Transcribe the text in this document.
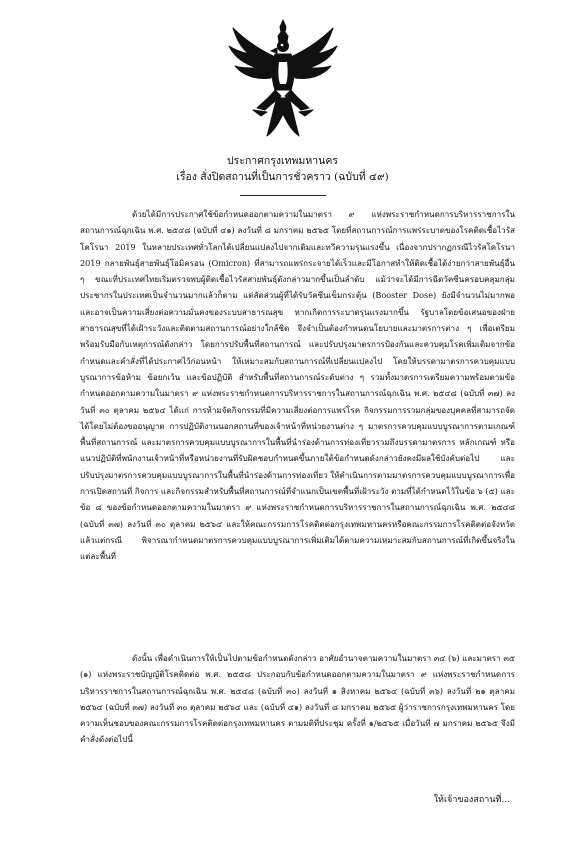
ประกาศกรุงเทพมหานคร
เรื่อง สั่งปิดสถานที่เป็นการชั่วคราว (ฉบับที่ ๔๙)
ด้วยได้มีการประกาศใช้ข้อกำหนดออกตามความในมาตรา ๙ แห่งพระราชกำหนดการบริหารราชการในสถานการณ์ฉุกเฉิน พ.ศ. ๒๕๔๘ (ฉบับที่ ๔๑) ลงวันที่ ๘ มกราคม ๒๕๖๕ โดยที่สถานการณ์การแพร่ระบาดของโรคติดเชื้อไวรัสโคโรนา 2019 ในหลายประเทศทั่วโลกได้เปลี่ยนแปลงไปจากเดิมและทวีความรุนแรงขึ้น เนื่องจากปรากฏกรณีไวรัสโคโรนา 2019 กลายพันธุ์สายพันธุ์โอมิครอน (Omicron) ที่สามารถแพร่กระจายได้เร็วและมีโอกาสทำให้ติดเชื้อได้ง่ายกว่าสายพันธุ์อื่น ๆ ขณะที่ประเทศไทยเริ่มตรวจพบผู้ติดเชื้อไวรัสสายพันธุ์ดังกล่าวมากขึ้นเป็นลำดับ แม้ว่าจะได้มีการฉีดวัคซีนครอบคลุมกลุ่มประชากรในประเทศเป็นจำนวนมากแล้วก็ตาม แต่สัดส่วนผู้ที่ได้รับวัคซีนเข็มกระตุ้น (Booster Dose) ยังมีจำนวนไม่มากพอและอาจเป็นความเสี่ยงต่อความมั่นคงของระบบสาธารณสุข หากเกิดการระบาดรุนแรงมากขึ้น รัฐบาลโดยข้อเสนอของฝ่ายสาธารณสุขที่ได้เฝ้าระวังและติดตามสถานการณ์อย่างใกล้ชิด จึงจำเป็นต้องกำหนดนโยบายและมาตรการต่าง ๆ เพื่อเตรียมพร้อมรับมือกับเหตุการณ์ดังกล่าว โดยการปรับพื้นที่สถานการณ์ และปรับปรุงมาตรการป้องกันและควบคุมโรคเพิ่มเติมจากข้อกำหนดและคำสั่งที่ได้ประกาศไว้ก่อนหน้า ให้เหมาะสมกับสถานการณ์ที่เปลี่ยนแปลงไป โดยให้บรรดามาตรการควบคุมแบบบูรณาการข้อห้าม ข้อยกเว้น และข้อปฏิบัติ สำหรับพื้นที่สถานการณ์ระดับต่าง ๆ รวมทั้งมาตรการเตรียมความพร้อมตามข้อกำหนดออกตามความในมาตรา ๙ แห่งพระราชกำหนดการบริหารราชการในสถานการณ์ฉุกเฉิน พ.ศ. ๒๕๔๘ (ฉบับที่ ๓๗) ลงวันที่ ๓๐ ตุลาคม ๒๕๖๔ ได้แก่ การห้ามจัดกิจกรรมที่มีความเสี่ยงต่อการแพร่โรค กิจกรรมการรวมกลุ่มของบุคคลที่สามารถจัดได้โดยไม่ต้องขออนุญาต การปฏิบัติงานนอกสถานที่ของเจ้าหน้าที่หน่วยงานต่าง ๆ มาตรการควบคุมแบบบูรณาการตามเกณฑ์พื้นที่สถานการณ์ และมาตรการควบคุมแบบบูรณาการในพื้นที่นำร่องด้านการท่องเที่ยวรวมถึงบรรดามาตรการ หลักเกณฑ์ หรือแนวปฏิบัติที่พนักงานเจ้าหน้าที่หรือหน่วยงานที่รับผิดชอบกำหนดขึ้นภายใต้ข้อกำหนดดังกล่าวยังคงมีผลใช้บังคับต่อไป และปรับปรุงมาตรการควบคุมแบบบูรณาการในพื้นที่นำร่องด้านการท่องเที่ยว ให้ดำเนินการตามมาตรการควบคุมแบบบูรณาการเพื่อการเปิดสถานที่ กิจการ และกิจกรรมสำหรับพื้นที่สถานการณ์ที่จำแนกเป็นเขตพื้นที่เฝ้าระวัง ตามที่ได้กำหนดไว้ในข้อ ๖ (๕) และข้อ ๘ ของข้อกำหนดออกตามความในมาตรา ๙ แห่งพระราชกำหนดการบริหารราชการในสถานการณ์ฉุกเฉิน พ.ศ. ๒๕๔๘ (ฉบับที่ ๓๗) ลงวันที่ ๓๐ ตุลาคม ๒๕๖๔ และให้คณะกรรมการโรคติดต่อกรุงเทพมหานครหรือคณะกรรมการโรคติดต่อจังหวัดแล้วแต่กรณี พิจารณากำหนดมาตรการควบคุมแบบบูรณาการเพิ่มเติมได้ตามความเหมาะสมกับสถานการณ์ที่เกิดขึ้นจริงในแต่ละพื้นที่
ดังนั้น เพื่อดำเนินการให้เป็นไปตามข้อกำหนดดังกล่าว อาศัยอำนาจตามความในมาตรา ๓๔ (๖) และมาตรา ๓๕ (๑) แห่งพระราชบัญญัติโรคติดต่อ พ.ศ. ๒๕๕๘ ประกอบกับข้อกำหนดออกตามความในมาตรา ๙ แห่งพระราชกำหนดการบริหารราชการในสถานการณ์ฉุกเฉิน พ.ศ. ๒๕๔๘ (ฉบับที่ ๓๐) ลงวันที่ ๑ สิงหาคม ๒๕๖๔ (ฉบับที่ ๓๖) ลงวันที่ ๒๑ ตุลาคม ๒๕๖๔ (ฉบับที่ ๓๗) ลงวันที่ ๓๐ ตุลาคม ๒๕๖๔ และ (ฉบับที่ ๔๑) ลงวันที่ ๘ มกราคม ๒๕๖๕ ผู้ว่าราชการกรุงเทพมหานคร โดยความเห็นชอบของคณะกรรมการโรคติดต่อกรุงเทพมหานคร ตามมติที่ประชุม ครั้งที่ ๑/๒๕๖๕ เมื่อวันที่ ๗ มกราคม ๒๕๖๕ จึงมีคำสั่งดังต่อไปนี้
ให้เจ้าของสถานที่...
